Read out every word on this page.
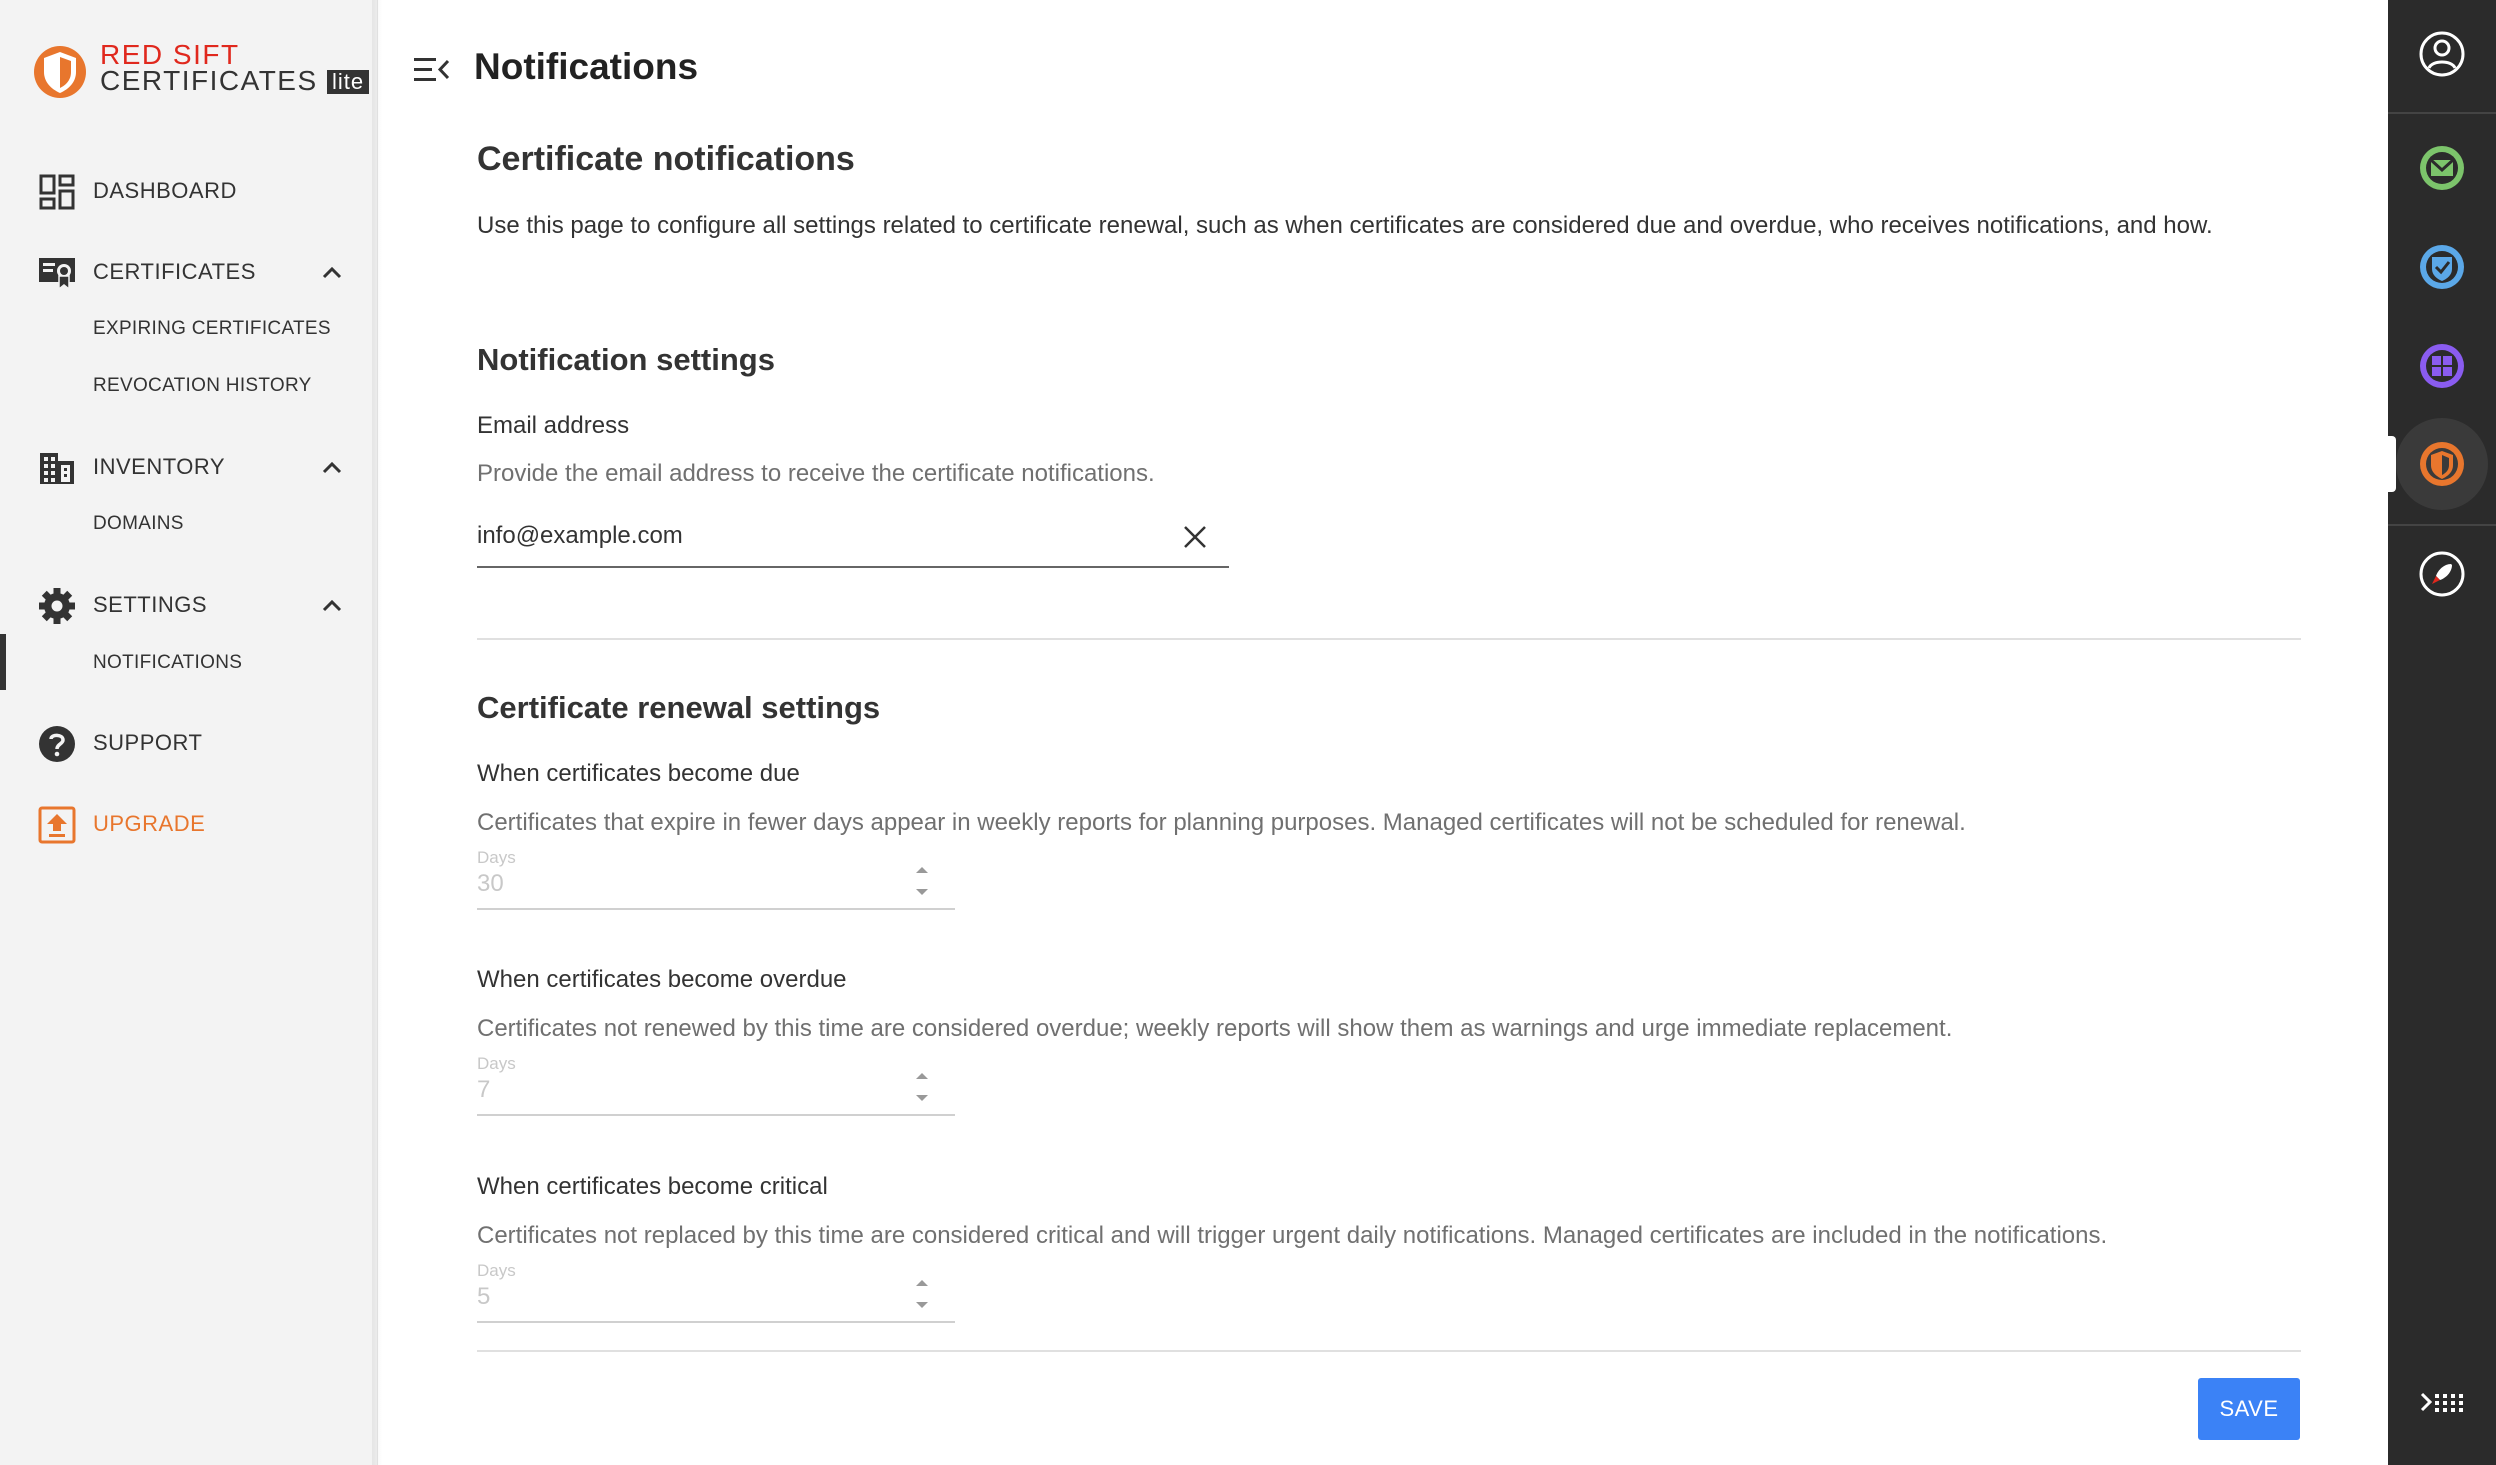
RED SIFT
CERTIFICATES lite
DASHBOARD
CERTIFICATES
EXPIRING CERTIFICATES
REVOCATION HISTORY
INVENTORY
DOMAINS
SETTINGS
NOTIFICATIONS
SUPPORT
UPGRADE
Notifications
Certificate notifications

Use this page to configure all settings related to certificate renewal, such as when certificates are considered due and overdue, who receives notifications, and how.

Notification settings
Email address
Provide the email address to receive the certificate notifications.
info@example.com
Certificate renewal settings
When certificates become due
Certificates that expire in fewer days appear in weekly reports for planning purposes. Managed certificates will not be scheduled for renewal.
Days
30
When certificates become overdue
Certificates not renewed by this time are considered overdue; weekly reports will show them as warnings and urge immediate replacement.
Days
7
When certificates become critical
Certificates not replaced by this time are considered critical and will trigger urgent daily notifications. Managed certificates are included in the notifications.
Days
5
SAVE
